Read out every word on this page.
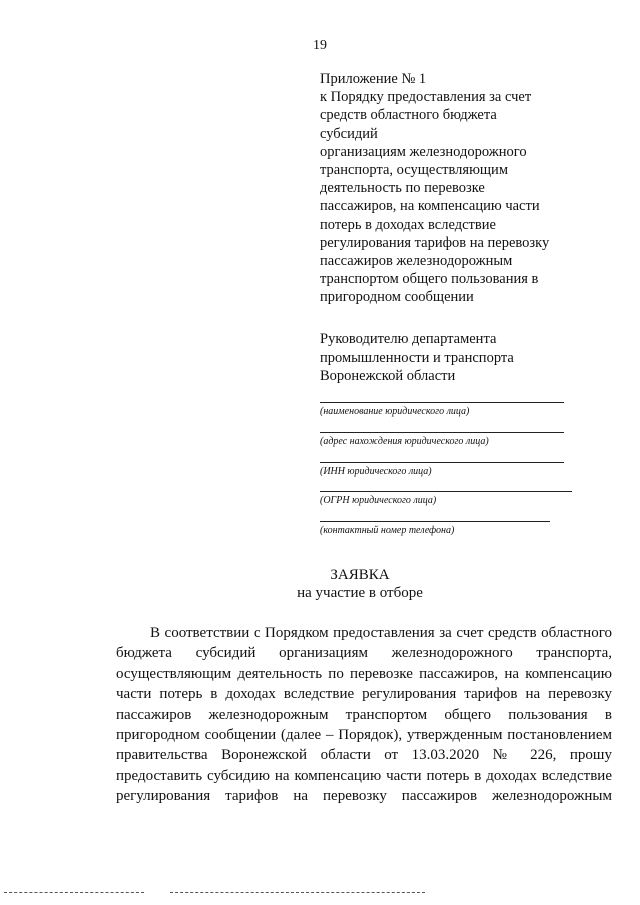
19
Приложение № 1
к Порядку предоставления за счет
средств областного бюджета
субсидий
организациям железнодорожного
транспорта, осуществляющим
деятельность по перевозке
пассажиров, на компенсацию части
потерь в доходах вследствие
регулирования тарифов на перевозку
пассажиров железнодорожным
транспортом общего пользования в
пригородном сообщении
Руководителю департамента
промышленности и транспорта
Воронежской области
(наименование юридического лица)
(адрес нахождения юридического лица)
(ИНН юридического лица)
(ОГРН юридического лица)
(контактный номер телефона)
ЗАЯВКА
на участие в отборе
В соответствии с Порядком предоставления за счет средств областного
бюджета субсидий организациям железнодорожного транспорта,
осуществляющим деятельность по перевозке пассажиров, на компенсацию
части потерь в доходах вследствие регулирования тарифов на перевозку
пассажиров железнодорожным транспортом общего пользования в
пригородном сообщении (далее – Порядок), утвержденным постановлением
правительства Воронежской области от 13.03.2020 № 226, прошу
предоставить субсидию на компенсацию части потерь в доходах вследствие
регулирования тарифов на перевозку пассажиров железнодорожным
